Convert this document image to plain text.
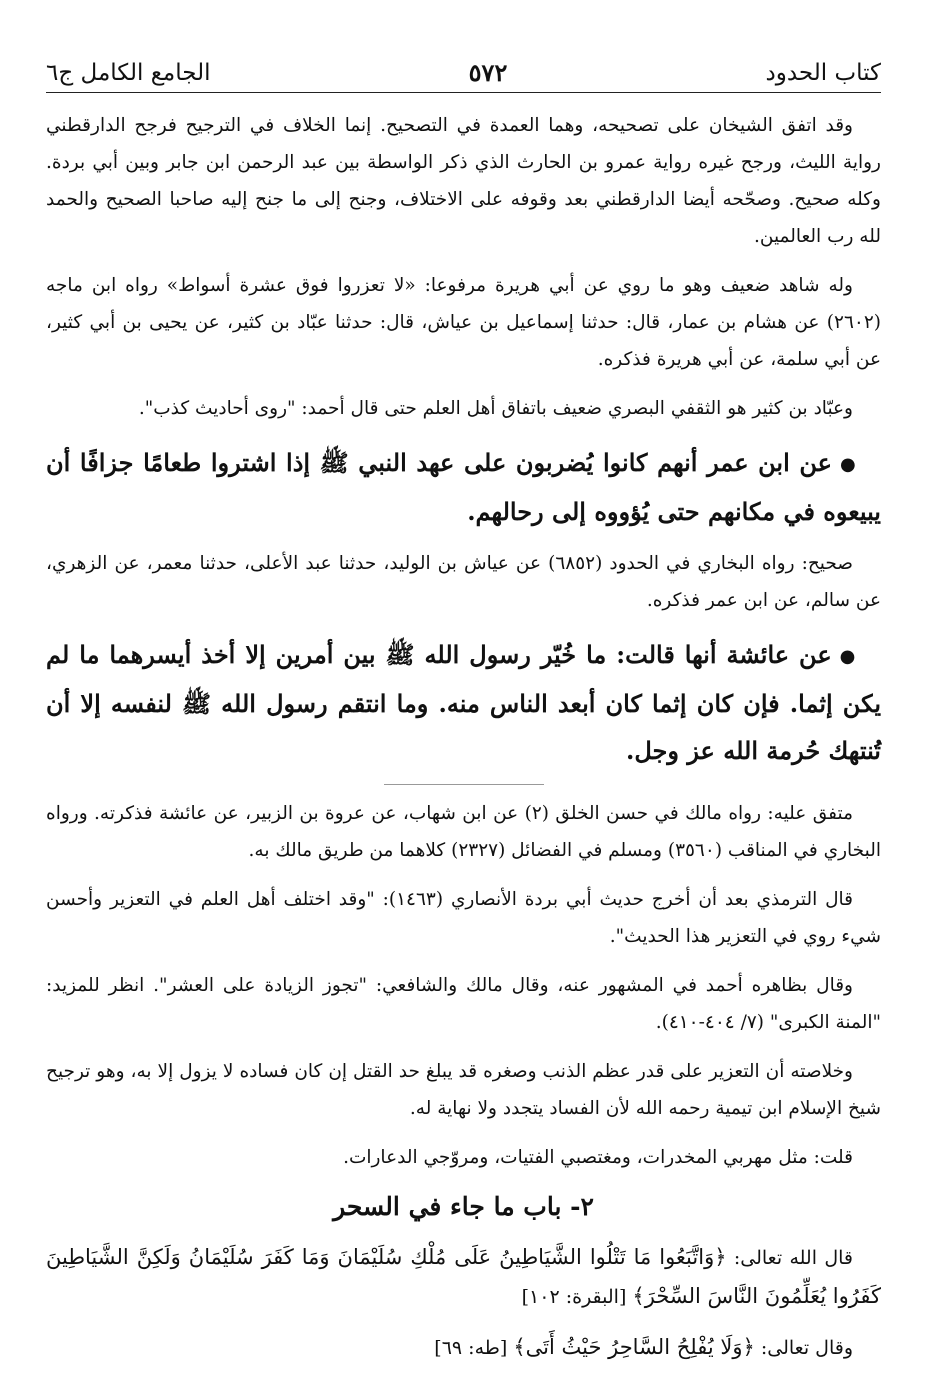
كتاب الحدود
٥٧٢
الجامع الكامل ج٦

وقد اتفق الشيخان على تصحيحه، وهما العمدة في التصحيح. إنما الخلاف في الترجيح فرجح الدارقطني رواية الليث، ورجح غيره رواية عمرو بن الحارث الذي ذكر الواسطة بين عبد الرحمن ابن جابر وبين أبي بردة. وكله صحيح. وصحّحه أيضا الدارقطني بعد وقوفه على الاختلاف، وجنح إلى ما جنح إليه صاحبا الصحيح والحمد لله رب العالمين.

وله شاهد ضعيف وهو ما روي عن أبي هريرة مرفوعا: «لا تعزروا فوق عشرة أسواط» رواه ابن ماجه (٢٦٠٢) عن هشام بن عمار، قال: حدثنا إسماعيل بن عياش، قال: حدثنا عبّاد بن كثير، عن يحيى بن أبي كثير، عن أبي سلمة، عن أبي هريرة فذكره.

وعبّاد بن كثير هو الثقفي البصري ضعيف باتفاق أهل العلم حتى قال أحمد: "روى أحاديث كذب".

●عن ابن عمر أنهم كانوا يُضربون على عهد النبي ﷺ إذا اشتروا طعامًا جزافًا أن يبيعوه في مكانهم حتى يُؤووه إلى رحالهم.

صحيح: رواه البخاري في الحدود (٦٨٥٢) عن عياش بن الوليد، حدثنا عبد الأعلى، حدثنا معمر، عن الزهري، عن سالم، عن ابن عمر فذكره.

●عن عائشة أنها قالت: ما خُيّر رسول الله ﷺ بين أمرين إلا أخذ أيسرهما ما لم يكن إثما. فإن كان إثما كان أبعد الناس منه. وما انتقم رسول الله ﷺ لنفسه إلا أن تُنتهك حُرمة الله عز وجل.

متفق عليه: رواه مالك في حسن الخلق (٢) عن ابن شهاب، عن عروة بن الزبير، عن عائشة فذكرته. ورواه البخاري في المناقب (٣٥٦٠) ومسلم في الفضائل (٢٣٢٧) كلاهما من طريق مالك به.

قال الترمذي بعد أن أخرج حديث أبي بردة الأنصاري (١٤٦٣): "وقد اختلف أهل العلم في التعزير وأحسن شيء روي في التعزير هذا الحديث".

وقال بظاهره أحمد في المشهور عنه، وقال مالك والشافعي: "تجوز الزيادة على العشر". انظر للمزيد: "المنة الكبرى" (٧/ ٤٠٤-٤١٠).

وخلاصته أن التعزير على قدر عظم الذنب وصغره قد يبلغ حد القتل إن كان فساده لا يزول إلا به، وهو ترجيح شيخ الإسلام ابن تيمية رحمه الله لأن الفساد يتجدد ولا نهاية له.

قلت: مثل مهربي المخدرات، ومغتصبي الفتيات، ومروّجي الدعارات.

٢- باب ما جاء في السحر

قال الله تعالى: ﴿وَاتَّبَعُوا مَا تَتْلُوا الشَّيَاطِينُ عَلَى مُلْكِ سُلَيْمَانَ وَمَا كَفَرَ سُلَيْمَانُ وَلَكِنَّ الشَّيَاطِينَ كَفَرُوا يُعَلِّمُونَ النَّاسَ السِّحْرَ﴾ [البقرة: ١٠٢]

وقال تعالى: ﴿وَلَا يُفْلِحُ السَّاحِرُ حَيْثُ أَتَى﴾ [طه: ٦٩]
